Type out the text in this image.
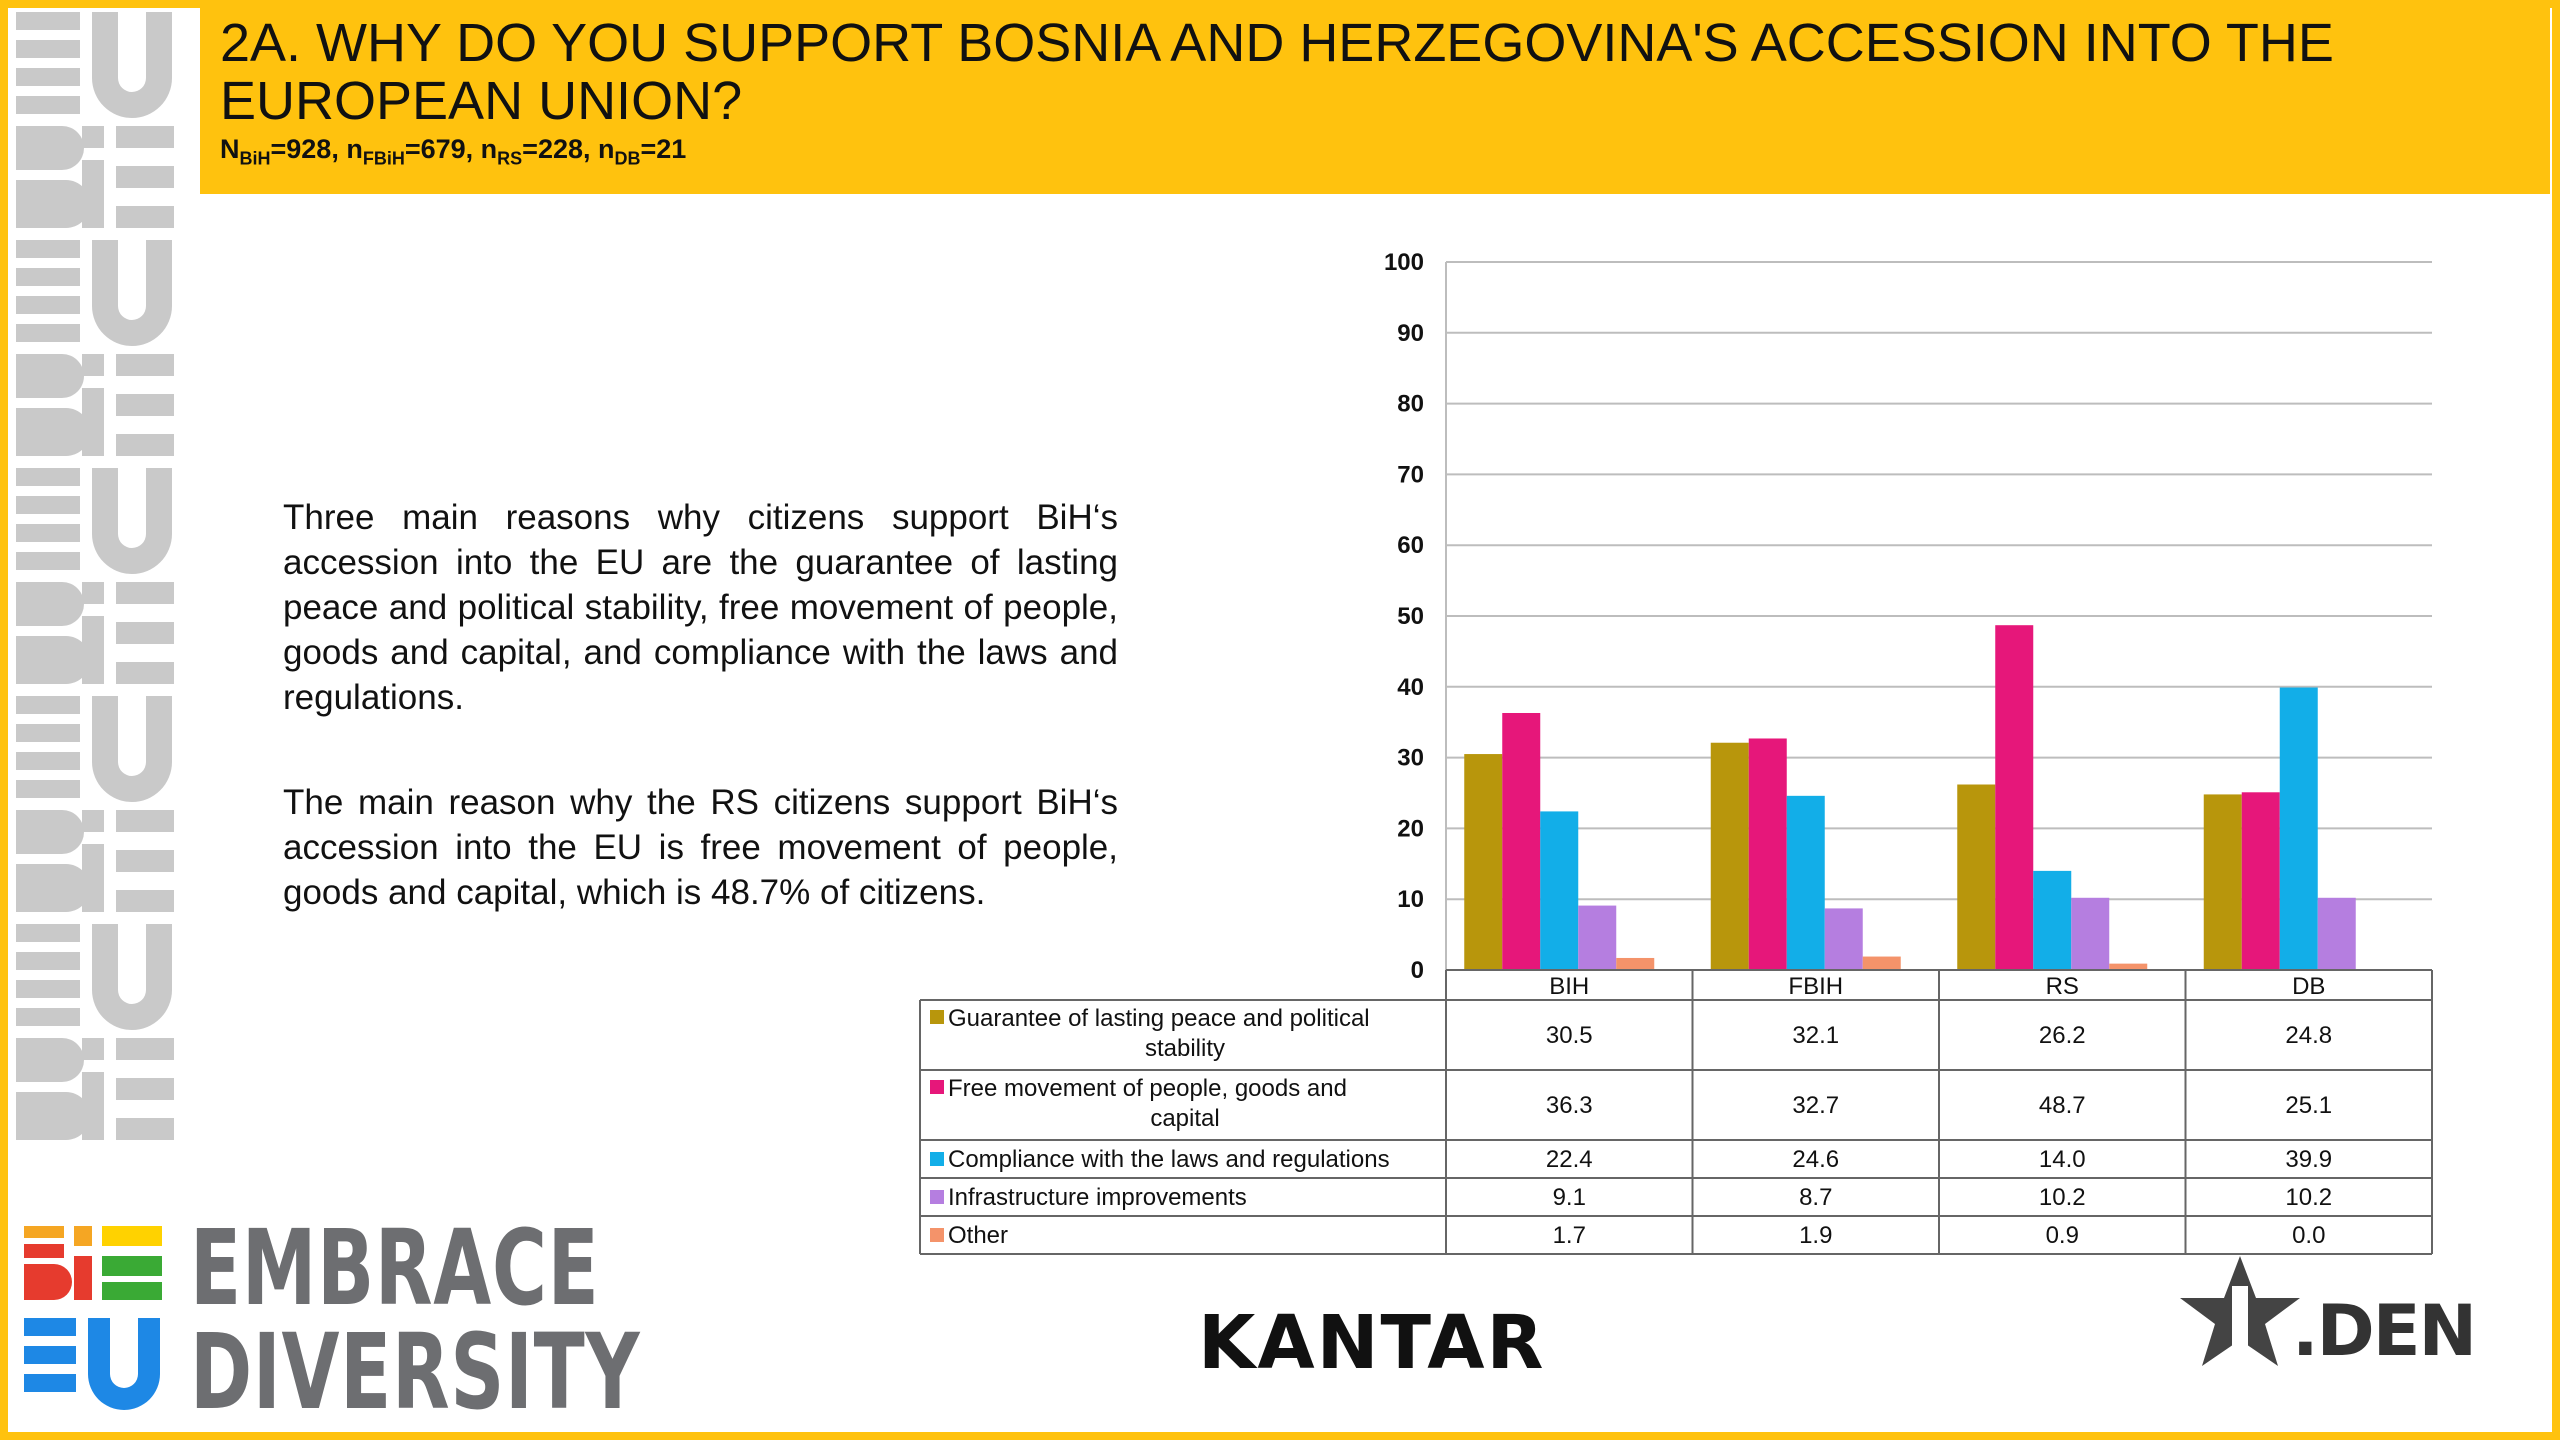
2A. WHY DO YOU SUPPORT BOSNIA AND HERZEGOVINA'S ACCESSION INTO THE EUROPEAN UNION?
$N_{BiH}=928$, $n_{FBiH}=679$, $n_{RS}=228$, $n_{DB}=21$
Three main reasons why citizens support BiH‘s accession into the EU are the guarantee of lasting peace and political stability, free movement of people, goods and capital, and compliance with the laws and regulations.
The main reason why the RS citizens support BiH‘s accession into the EU is free movement of people, goods and capital, which is 48.7% of citizens.
0
10
20
30
40
50
60
70
80
90
100
BIH	FBIH	RS	DB
Guarantee of lasting peace and political stability	30.5	32.1	26.2	24.8
Free movement of people, goods and capital	36.3	32.7	48.7	25.1
Compliance with the laws and regulations	22.4	24.6	14.0	39.9
Infrastructure improvements	9.1	8.7	10.2	10.2
Other	1.7	1.9	0.9	0.0
EMBRACE
DIVERSITY	KANTAR	.DEN
